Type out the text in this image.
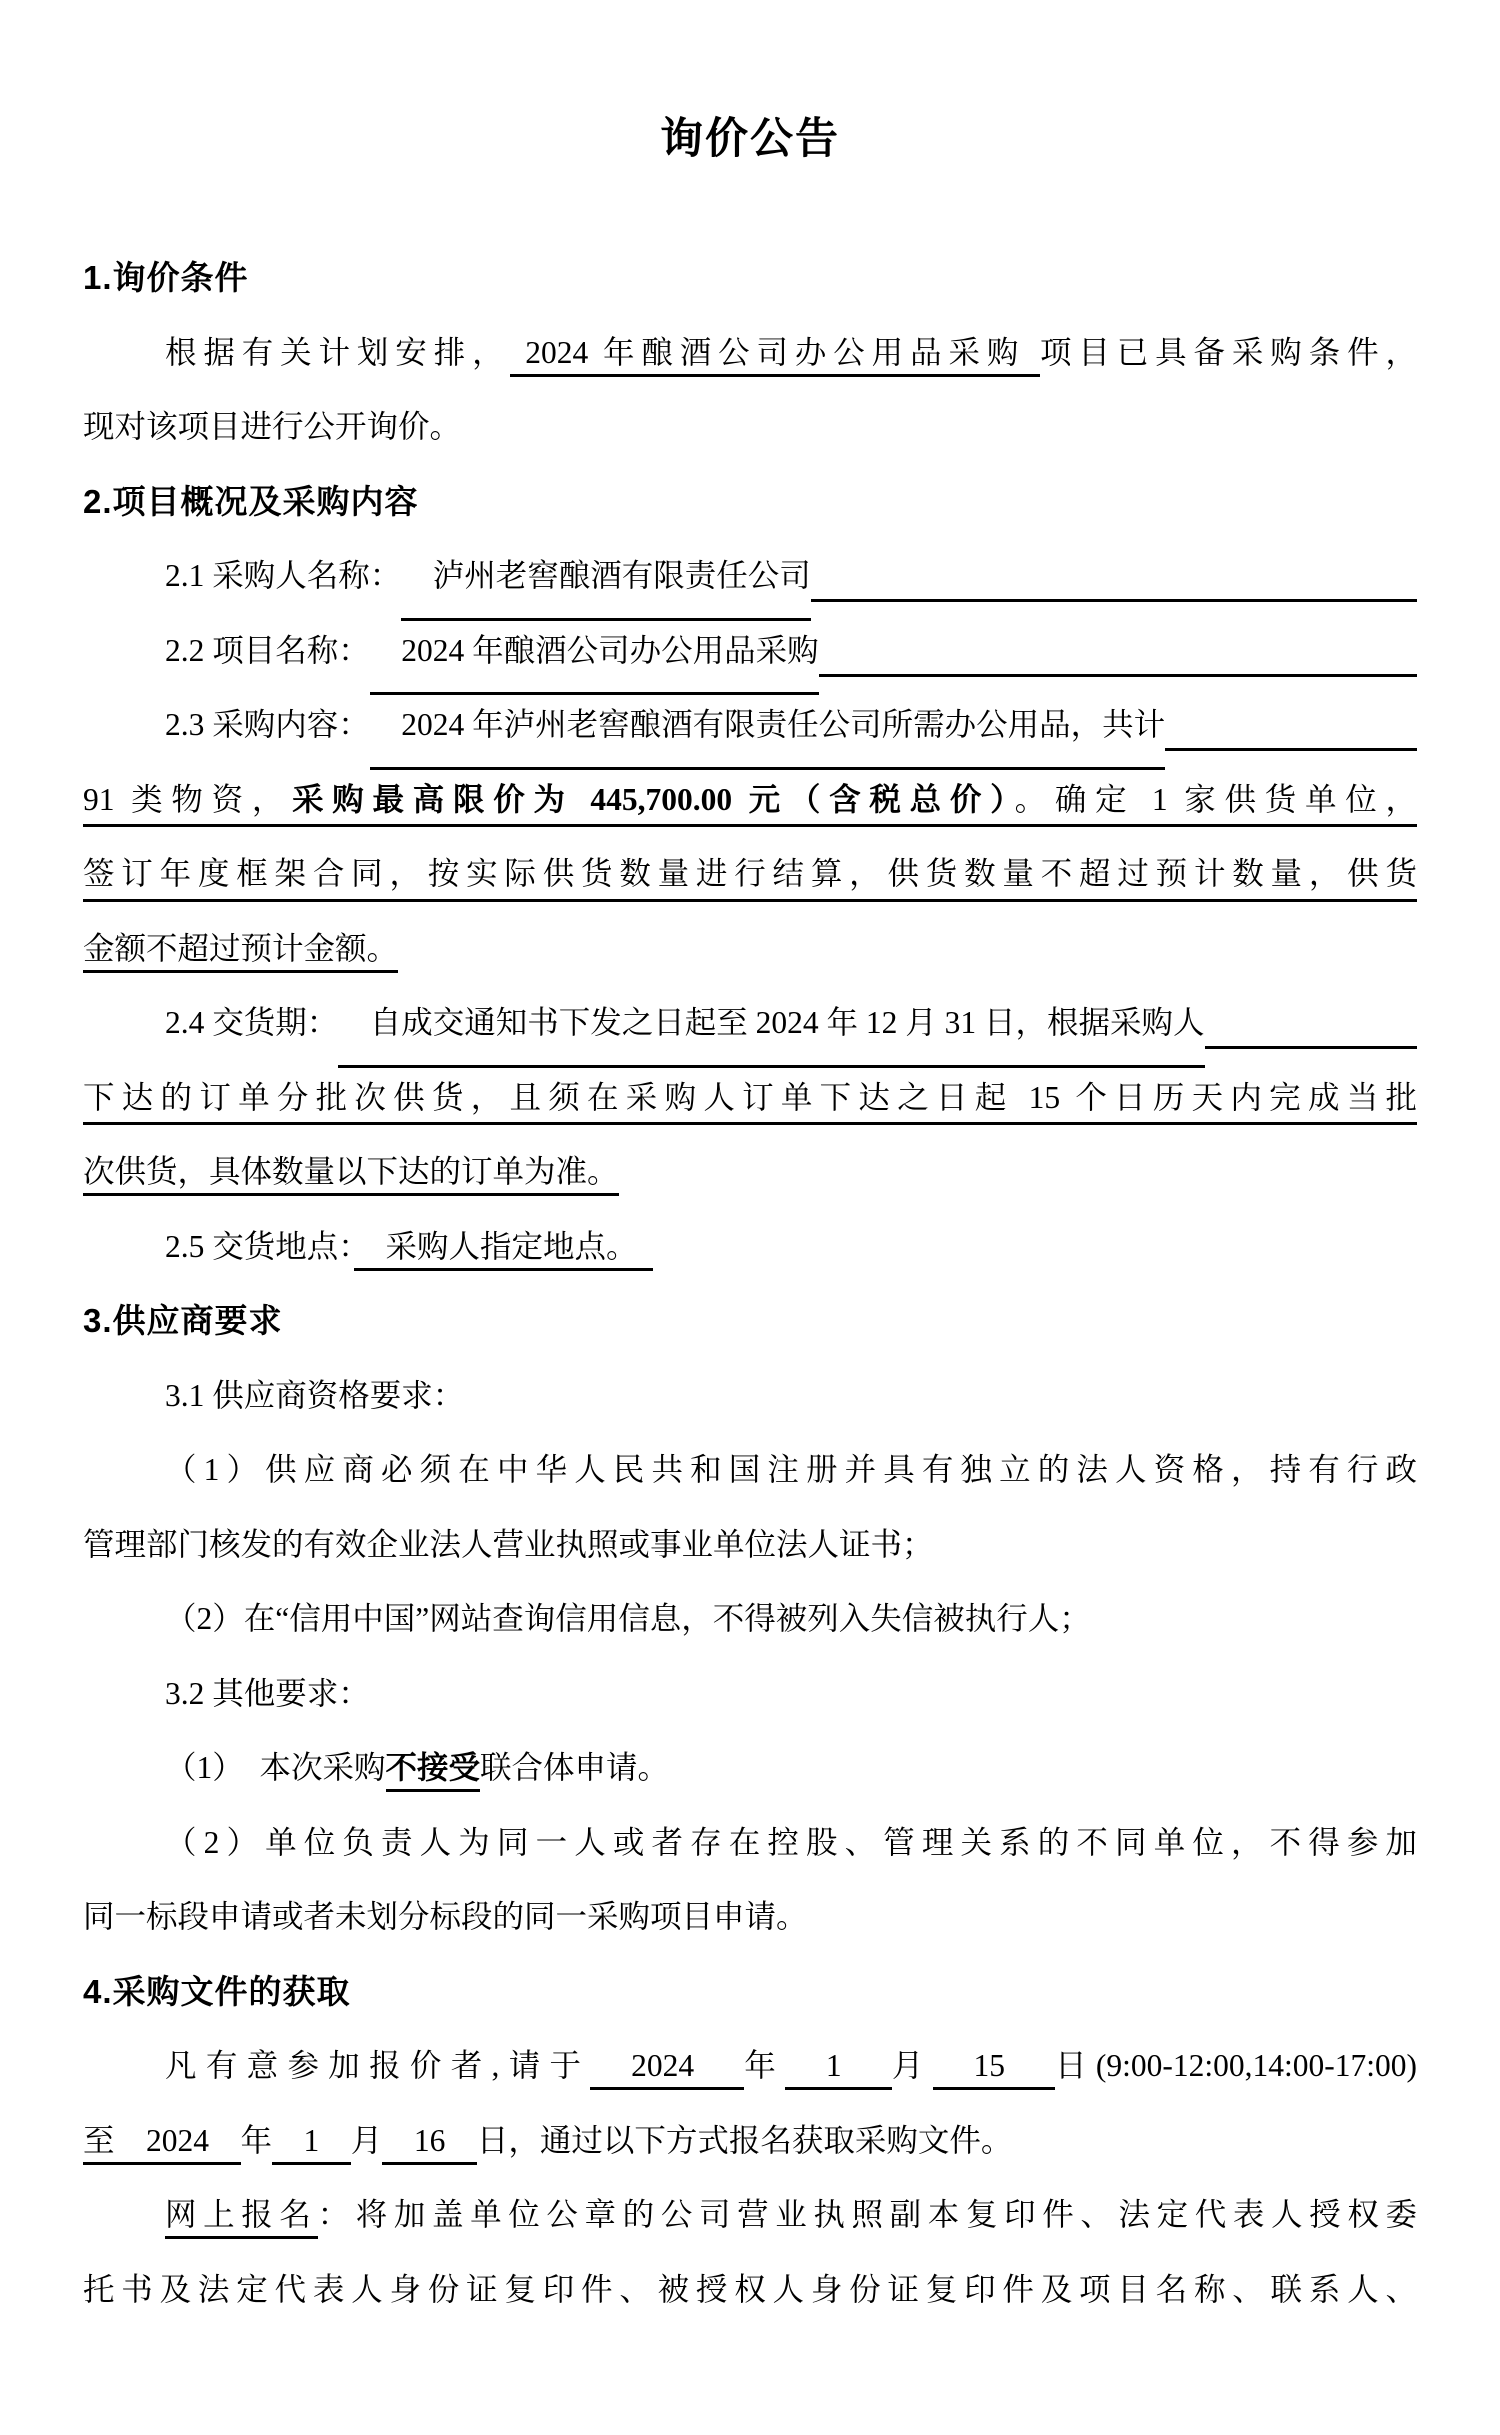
询价公告
1.询价条件
根据有关计划安排， 2024 年酿酒公司办公用品采购 项目已具备采购条件，
现对该项目进行公开询价。
2.项目概况及采购内容
2.1 采购人名称： 　泸州老窖酿酒有限责任公司
2.2 项目名称： 　2024 年酿酒公司办公用品采购
2.3 采购内容： 　2024 年泸州老窖酿酒有限责任公司所需办公用品，共计
91 类物资，采购最高限价为 445,700.00 元（含税总价）。确定 1 家供货单位，
签订年度框架合同，按实际供货数量进行结算，供货数量不超过预计数量，供货
金额不超过预计金额。
2.4 交货期： 　自成交通知书下发之日起至 2024 年 12 月 31 日，根据采购人
下达的订单分批次供货，且须在采购人订单下达之日起 15 个日历天内完成当批
次供货，具体数量以下达的订单为准。
2.5 交货地点：　采购人指定地点。　
3.供应商要求
3.1 供应商资格要求：
（1）供应商必须在中华人民共和国注册并具有独立的法人资格，持有行政
管理部门核发的有效企业法人营业执照或事业单位法人证书；
（2）在“信用中国”网站查询信用信息，不得被列入失信被执行人；
3.2 其他要求：
（1）　本次采购不接受联合体申请。
（2）单位负责人为同一人或者存在控股、管理关系的不同单位，不得参加
同一标段申请或者未划分标段的同一采购项目申请。
4.采购文件的获取
凡有意参加报价者,请于　2024　年　1　月　15　日(9:00-12:00,14:00-17:00)
至　2024　年　1　月　16　日，通过以下方式报名获取采购文件。
网上报名：将加盖单位公章的公司营业执照副本复印件、法定代表人授权委
托书及法定代表人身份证复印件、被授权人身份证复印件及项目名称、联系人、
